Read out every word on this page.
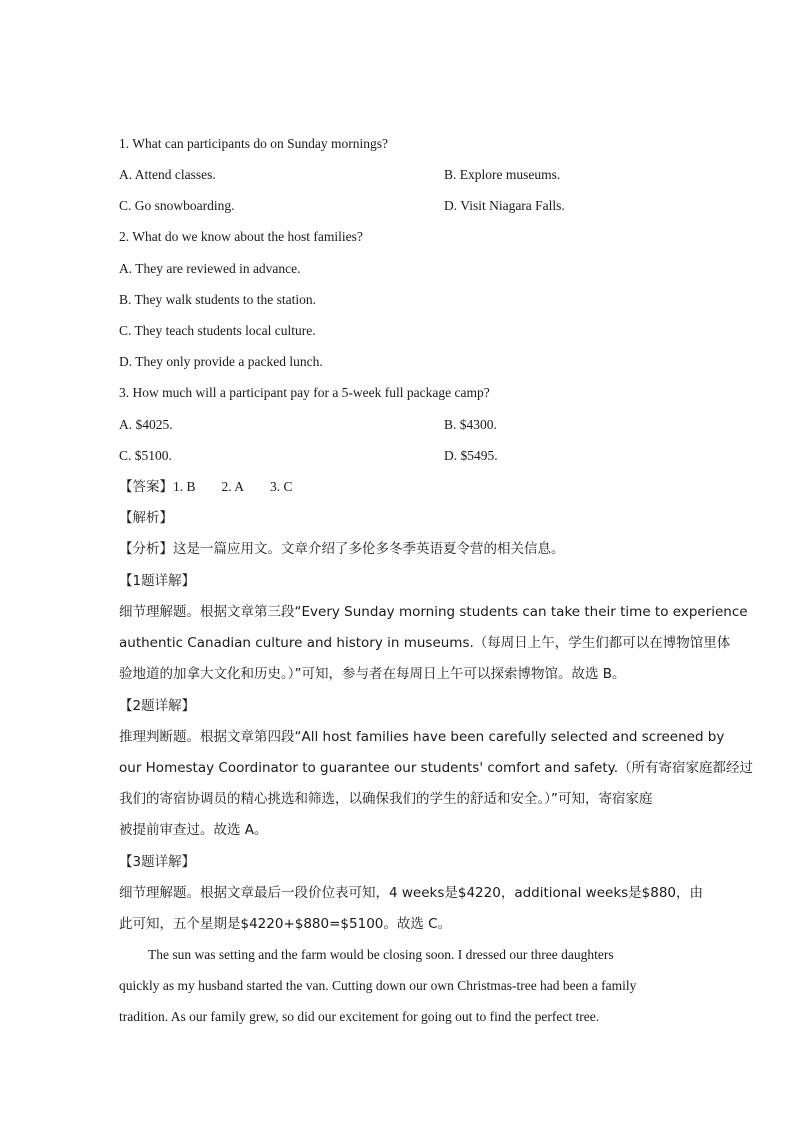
1. What can participants do on Sunday mornings?
A. Attend classes.	B. Explore museums.
C. Go snowboarding.	D. Visit Niagara Falls.
2. What do we know about the host families?
A. They are reviewed in advance.
B. They walk students to the station.
C. They teach students local culture.
D. They only provide a packed lunch.
3. How much will a participant pay for a 5-week full package camp?
A. $4025.	B. $4300.
C. $5100.	D. $5495.
【答案】1. B 2. A 3. C
【解析】
【分析】这是一篇应用文。文章介绍了多伦多冬季英语夏令营的相关信息。
【1题详解】
细节理解题。根据文章第三段“Every Sunday morning students can take their time to experience
authentic Canadian culture and history in museums.（每周日上午，学生们都可以在博物馆里体
验地道的加拿大文化和历史。）”可知，参与者在每周日上午可以探索博物馆。故选 B。
【2题详解】
推理判断题。根据文章第四段“All host families have been carefully selected and screened by
our Homestay Coordinator to guarantee our students' comfort and safety.（所有寄宿家庭都经过
我们的寄宿协调员的精心挑选和筛选，以确保我们的学生的舒适和安全。）”可知，寄宿家庭
被提前审查过。故选 A。
【3题详解】
细节理解题。根据文章最后一段价位表可知，4 weeks是$4220，additional weeks是$880，由
此可知，五个星期是$4220+$880=$5100。故选 C。
The sun was setting and the farm would be closing soon. I dressed our three daughters
quickly as my husband started the van. Cutting down our own Christmas-tree had been a family
tradition. As our family grew, so did our excitement for going out to find the perfect tree.
